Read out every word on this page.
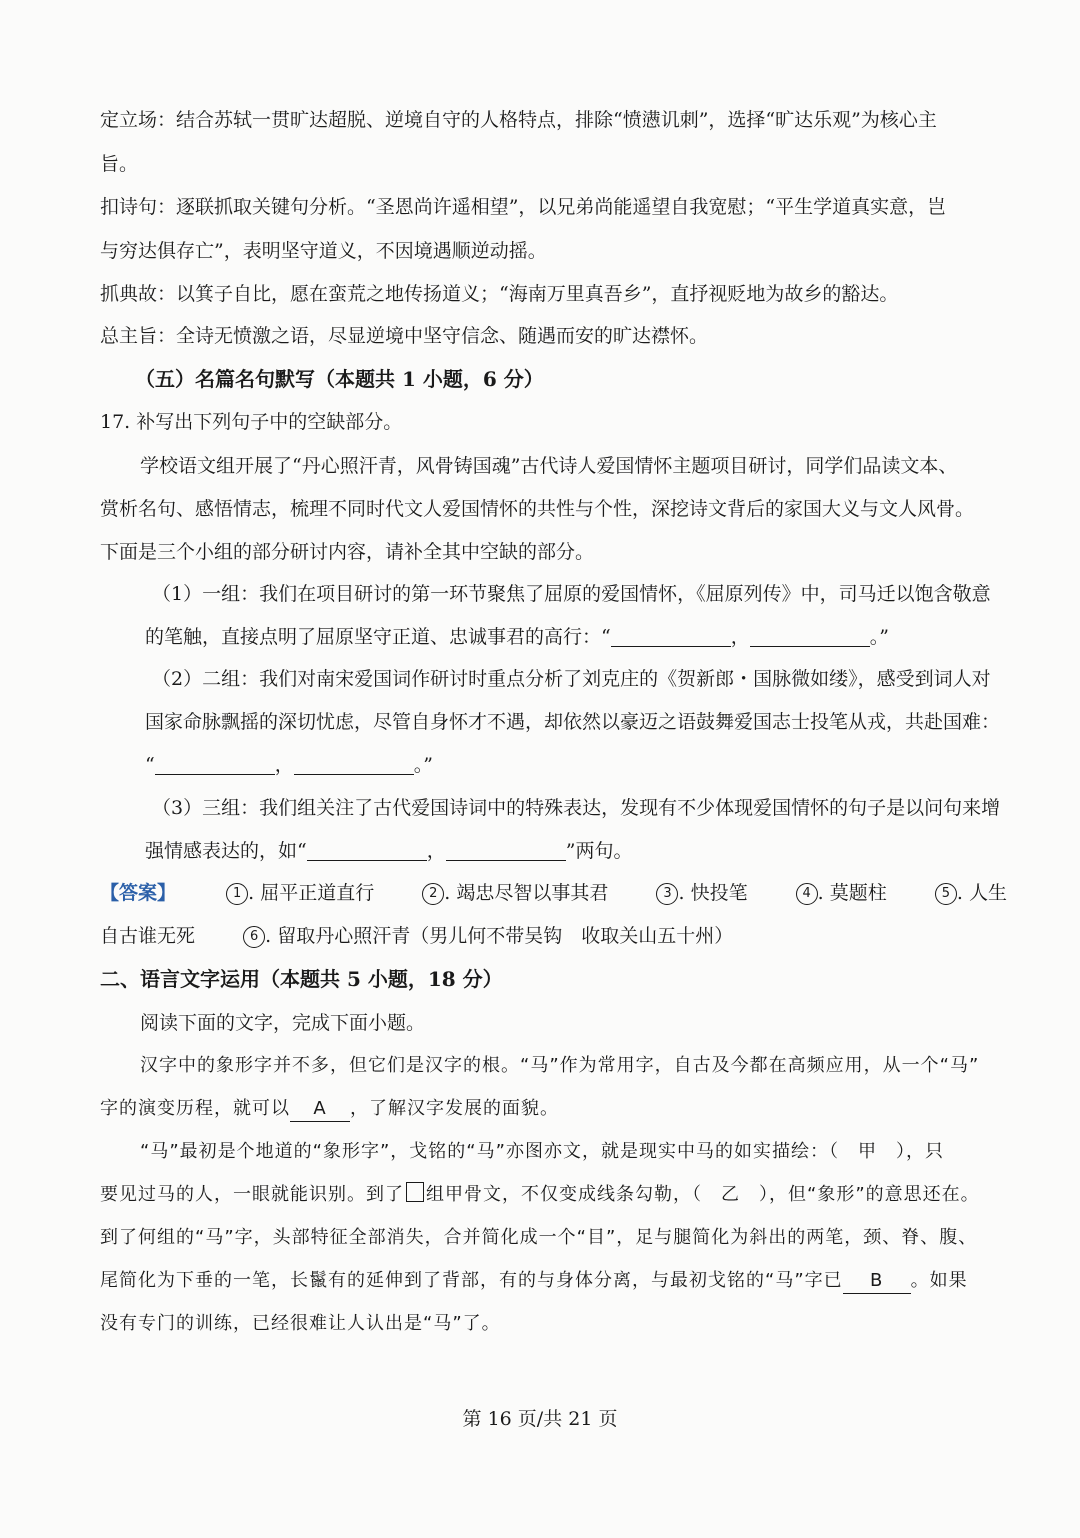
定立场：结合苏轼一贯旷达超脱、逆境自守的人格特点，排除“愤懑讥刺”，选择“旷达乐观”为核心主
旨。
扣诗句：逐联抓取关键句分析。“圣恩尚许遥相望”，以兄弟尚能遥望自我宽慰；“平生学道真实意，岂
与穷达俱存亡”，表明坚守道义，不因境遇顺逆动摇。
抓典故：以箕子自比，愿在蛮荒之地传扬道义；“海南万里真吾乡”，直抒视贬地为故乡的豁达。
总主旨：全诗无愤激之语，尽显逆境中坚守信念、随遇而安的旷达襟怀。
（五）名篇名句默写（本题共 1 小题，6 分）
17. 补写出下列句子中的空缺部分。
学校语文组开展了“丹心照汗青，风骨铸国魂”古代诗人爱国情怀主题项目研讨，同学们品读文本、
赏析名句、感悟情志，梳理不同时代文人爱国情怀的共性与个性，深挖诗文背后的家国大义与文人风骨。
下面是三个小组的部分研讨内容，请补全其中空缺的部分。
（1）一组：我们在项目研讨的第一环节聚焦了屈原的爱国情怀，《屈原列传》中，司马迁以饱含敬意
的笔触，直接点明了屈原坚守正道、忠诚事君的高行：“	，	。”
（2）二组：我们对南宋爱国词作研讨时重点分析了刘克庄的《贺新郎・国脉微如缕》，感受到词人对
国家命脉飘摇的深切忧虑，尽管自身怀才不遇，却依然以豪迈之语鼓舞爱国志士投笔从戎，共赴国难：
“	，	。”
（3）三组：我们组关注了古代爱国诗词中的特殊表达，发现有不少体现爱国情怀的句子是以问句来增
强情感表达的，如“	，	”两句。
【答案】	1 . 屈平正道直行	2 . 竭忠尽智以事其君	3 . 快投笔	4 . 莫题柱	5 . 人生
自古谁无死	6 . 留取丹心照汗青（男儿何不带吴钩　收取关山五十州）
二、语言文字运用（本题共 5 小题，18 分）
阅读下面的文字，完成下面小题。
汉字中的象形字并不多，但它们是汉字的根。“马”作为常用字，自古及今都在高频应用，从一个“马”
字的演变历程，就可以 A ，了解汉字发展的面貌。
“马”最初是个地道的“象形字”，戈铭的“马”亦图亦文，就是现实中马的如实描绘：（　甲　），只
要见过马的人，一眼就能识别。到了 组甲骨文，不仅变成线条勾勒，（　乙　），但“象形”的意思还在。
到了何组的“马”字，头部特征全部消失，合并简化成一个“目”，足与腿简化为斜出的两笔，颈、脊、腹、
尾简化为下垂的一笔，长鬣有的延伸到了背部，有的与身体分离，与最初戈铭的“马”字已 B 。如果
没有专门的训练，已经很难让人认出是“马”了。
第 16 页/共 21 页
